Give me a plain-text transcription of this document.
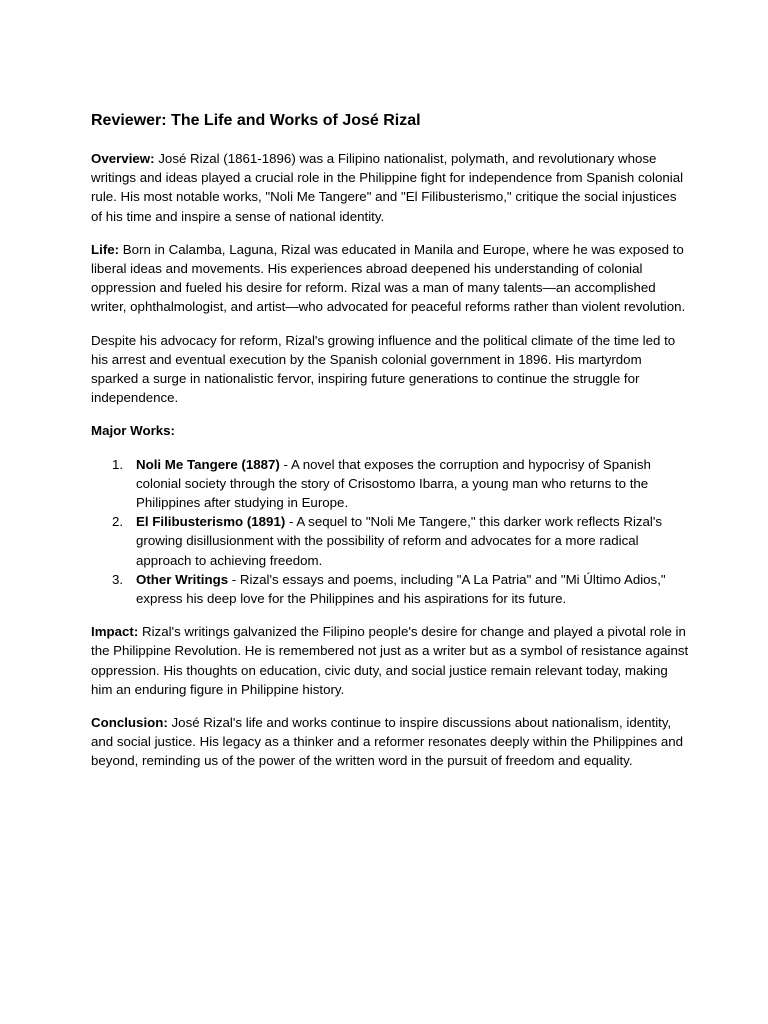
Reviewer: The Life and Works of José Rizal

Overview: José Rizal (1861-1896) was a Filipino nationalist, polymath, and revolutionary whose writings and ideas played a crucial role in the Philippine fight for independence from Spanish colonial rule. His most notable works, "Noli Me Tangere" and "El Filibusterismo," critique the social injustices of his time and inspire a sense of national identity.

Life: Born in Calamba, Laguna, Rizal was educated in Manila and Europe, where he was exposed to liberal ideas and movements. His experiences abroad deepened his understanding of colonial oppression and fueled his desire for reform. Rizal was a man of many talents—an accomplished writer, ophthalmologist, and artist—who advocated for peaceful reforms rather than violent revolution.

Despite his advocacy for reform, Rizal's growing influence and the political climate of the time led to his arrest and eventual execution by the Spanish colonial government in 1896. His martyrdom sparked a surge in nationalistic fervor, inspiring future generations to continue the struggle for independence.

Major Works:
1. Noli Me Tangere (1887) - A novel that exposes the corruption and hypocrisy of Spanish colonial society through the story of Crisostomo Ibarra, a young man who returns to the Philippines after studying in Europe.
2. El Filibusterismo (1891) - A sequel to "Noli Me Tangere," this darker work reflects Rizal's growing disillusionment with the possibility of reform and advocates for a more radical approach to achieving freedom.
3. Other Writings - Rizal's essays and poems, including "A La Patria" and "Mi Último Adios," express his deep love for the Philippines and his aspirations for its future.

Impact: Rizal's writings galvanized the Filipino people's desire for change and played a pivotal role in the Philippine Revolution. He is remembered not just as a writer but as a symbol of resistance against oppression. His thoughts on education, civic duty, and social justice remain relevant today, making him an enduring figure in Philippine history.

Conclusion: José Rizal's life and works continue to inspire discussions about nationalism, identity, and social justice. His legacy as a thinker and a reformer resonates deeply within the Philippines and beyond, reminding us of the power of the written word in the pursuit of freedom and equality.
